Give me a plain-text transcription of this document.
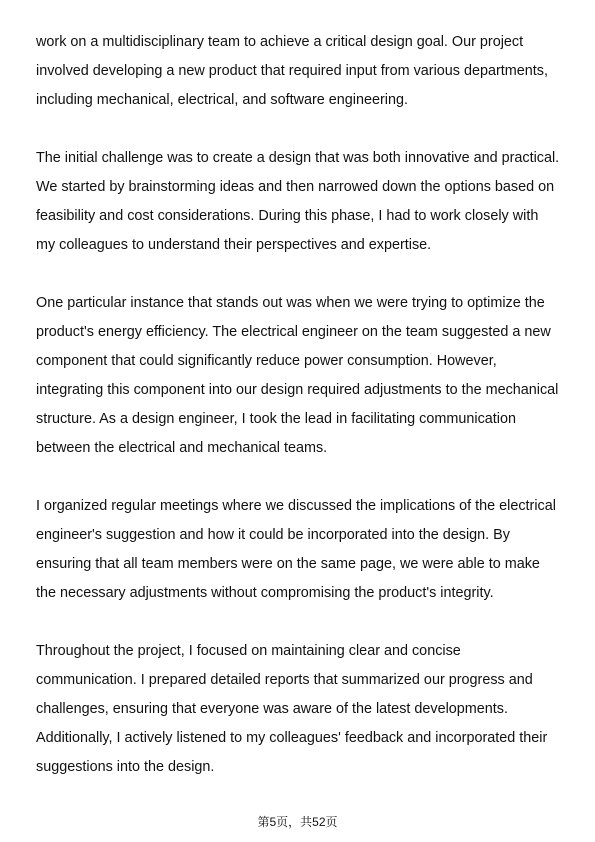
work on a multidisciplinary team to achieve a critical design goal. Our project
involved developing a new product that required input from various departments,
including mechanical, electrical, and software engineering.

The initial challenge was to create a design that was both innovative and practical.
We started by brainstorming ideas and then narrowed down the options based on
feasibility and cost considerations. During this phase, I had to work closely with
my colleagues to understand their perspectives and expertise.

One particular instance that stands out was when we were trying to optimize the
product's energy efficiency. The electrical engineer on the team suggested a new
component that could significantly reduce power consumption. However,
integrating this component into our design required adjustments to the mechanical
structure. As a design engineer, I took the lead in facilitating communication
between the electrical and mechanical teams.

I organized regular meetings where we discussed the implications of the electrical
engineer's suggestion and how it could be incorporated into the design. By
ensuring that all team members were on the same page, we were able to make
the necessary adjustments without compromising the product's integrity.

Throughout the project, I focused on maintaining clear and concise
communication. I prepared detailed reports that summarized our progress and
challenges, ensuring that everyone was aware of the latest developments.
Additionally, I actively listened to my colleagues' feedback and incorporated their
suggestions into the design.

第5页，共52页
